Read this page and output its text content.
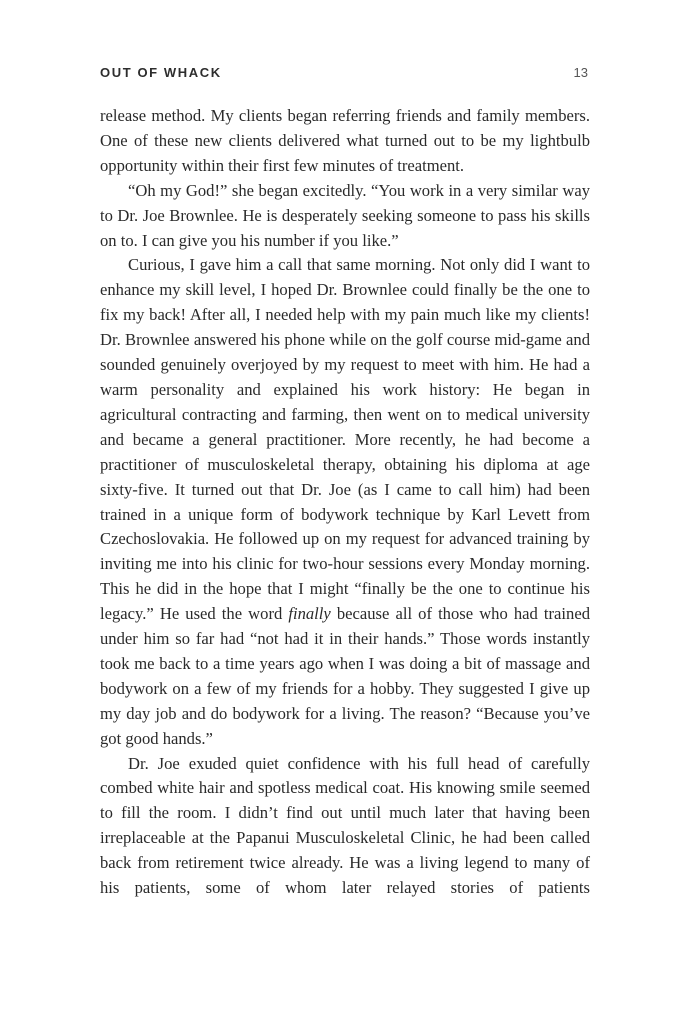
OUT OF WHACK	13

release method. My clients began referring friends and family members. One of these new clients delivered what turned out to be my lightbulb opportunity within their first few minutes of treatment.

“Oh my God!” she began excitedly. “You work in a very similar way to Dr. Joe Brownlee. He is desperately seeking someone to pass his skills on to. I can give you his number if you like.”

Curious, I gave him a call that same morning. Not only did I want to enhance my skill level, I hoped Dr. Brownlee could finally be the one to fix my back! After all, I needed help with my pain much like my clients! Dr. Brownlee answered his phone while on the golf course mid-game and sounded genuinely overjoyed by my request to meet with him. He had a warm personality and explained his work history: He began in agricultural contracting and farming, then went on to medical university and became a general practitioner. More recently, he had become a practitioner of musculoskeletal therapy, obtaining his diploma at age sixty-five. It turned out that Dr. Joe (as I came to call him) had been trained in a unique form of bodywork technique by Karl Levett from Czechoslovakia. He followed up on my request for advanced training by inviting me into his clinic for two-hour sessions every Monday morning. This he did in the hope that I might “finally be the one to continue his legacy.” He used the word finally because all of those who had trained under him so far had “not had it in their hands.” Those words instantly took me back to a time years ago when I was doing a bit of massage and bodywork on a few of my friends for a hobby. They suggested I give up my day job and do bodywork for a living. The reason? “Because you’ve got good hands.”

Dr. Joe exuded quiet confidence with his full head of carefully combed white hair and spotless medical coat. His knowing smile seemed to fill the room. I didn’t find out until much later that having been irreplaceable at the Papanui Musculoskeletal Clinic, he had been called back from retirement twice already. He was a living legend to many of his patients, some of whom later relayed stories of patients
